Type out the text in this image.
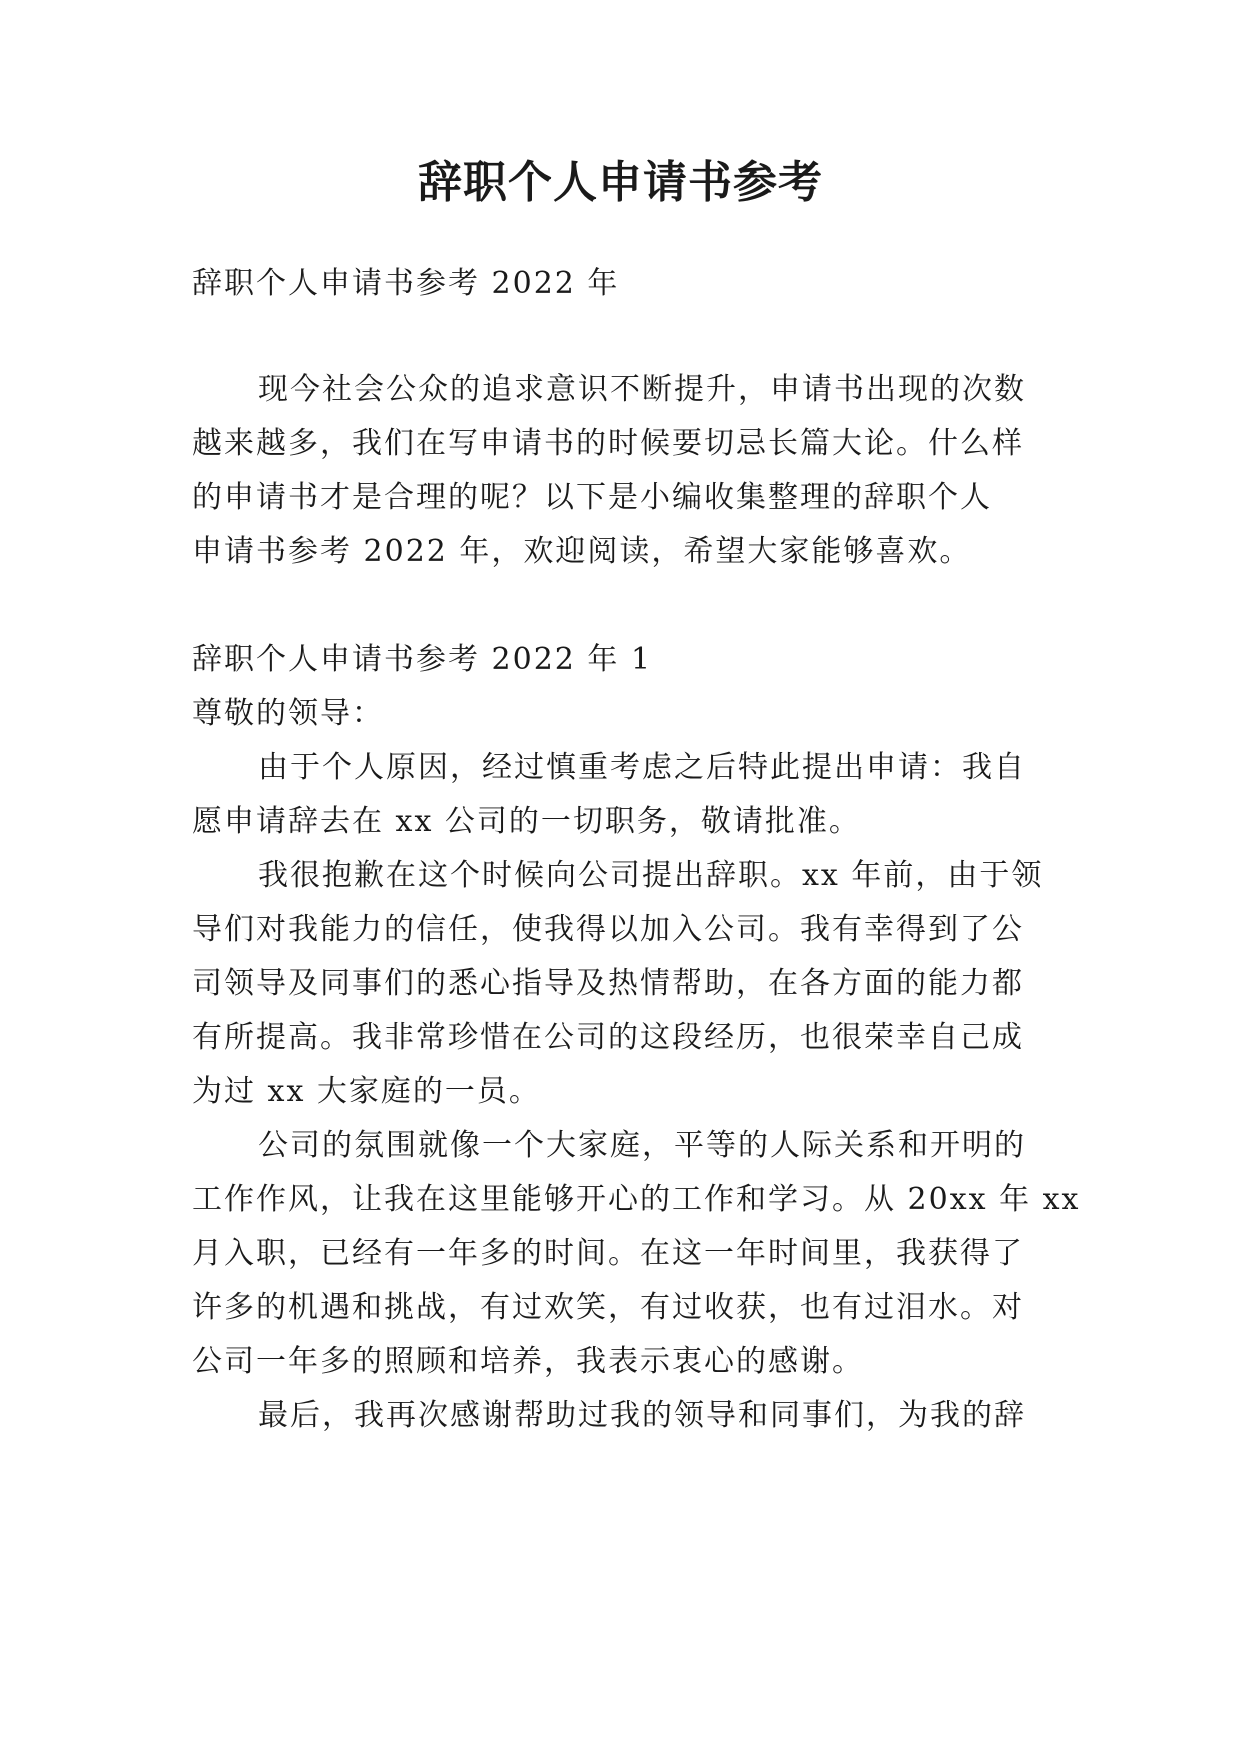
辞职个人申请书参考
辞职个人申请书参考 2022 年
现今社会公众的追求意识不断提升，申请书出现的次数
越来越多，我们在写申请书的时候要切忌长篇大论。什么样
的申请书才是合理的呢？以下是小编收集整理的辞职个人
申请书参考 2022 年，欢迎阅读，希望大家能够喜欢。
辞职个人申请书参考 2022 年 1
尊敬的领导：
由于个人原因，经过慎重考虑之后特此提出申请：我自
愿申请辞去在 xx 公司的一切职务，敬请批准。
我很抱歉在这个时候向公司提出辞职。xx 年前，由于领
导们对我能力的信任，使我得以加入公司。我有幸得到了公
司领导及同事们的悉心指导及热情帮助，在各方面的能力都
有所提高。我非常珍惜在公司的这段经历，也很荣幸自己成
为过 xx 大家庭的一员。
公司的氛围就像一个大家庭，平等的人际关系和开明的
工作作风，让我在这里能够开心的工作和学习。从 20xx 年 xx
月入职，已经有一年多的时间。在这一年时间里，我获得了
许多的机遇和挑战，有过欢笑，有过收获，也有过泪水。对
公司一年多的照顾和培养，我表示衷心的感谢。
最后，我再次感谢帮助过我的领导和同事们，为我的辞
